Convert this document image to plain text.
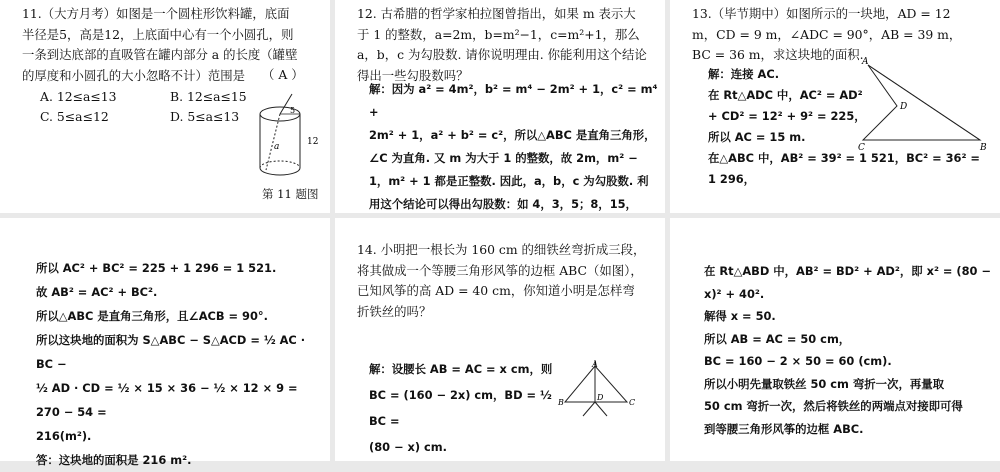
11.（大方月考）如图是一个圆柱形饮料罐，底面半径是5，高是12，上底面中心有一个小圆孔，则一条到达底部的直吸管在罐内部分 a 的长度（罐壁的厚度和小圆孔的大小忽略不计）范围是	（ A ）
A. 12≤a≤13	B. 12≤a≤15
C. 5≤a≤12	D. 5≤a≤13	5
12
a
第 11 题图
12. 古希腊的哲学家柏拉图曾指出，如果 m 表示大于 1 的整数，a=2m，b=m²−1，c=m²+1，那么 a，b，c 为勾股数. 请你说明理由. 你能利用这个结论得出一些勾股数吗？
解：因为 a² = 4m²，b² = m⁴ − 2m² + 1，c² = m⁴ +
2m² + 1，a² + b² = c²，所以△ABC 是直角三角形，
∠C 为直角. 又 m 为大于 1 的整数，故 2m，m² −
1，m² + 1 都是正整数. 因此，a，b，c 为勾股数. 利
用这个结论可以得出勾股数：如 4，3，5；8，15，
13.（毕节期中）如图所示的一块地，AD = 12 m，CD = 9 m，∠ADC = 90°，AB = 39 m，BC = 36 m，求这块地的面积.
解：连接 AC.
在 Rt△ADC 中，AC² = AD²
+ CD² = 12² + 9² = 225，
所以 AC = 15 m.
在△ABC 中，AB² = 39² = 1 521，BC² = 36² =
1 296，
A
D
C	B
所以 AC² + BC² = 225 + 1 296 = 1 521.
故 AB² = AC² + BC².
所以△ABC 是直角三角形，且∠ACB = 90°.
所以这块地的面积为 S△ABC − S△ACD = ½ AC · BC −
½ AD · CD = ½ × 15 × 36 − ½ × 12 × 9 = 270 − 54 =
216(m²).
答：这块地的面积是 216 m².
14. 小明把一根长为 160 cm 的细铁丝弯折成三段，将其做成一个等腰三角形风筝的边框 ABC（如图），已知风筝的高 AD = 40 cm，你知道小明是怎样弯折铁丝的吗？
解：设腰长 AB = AC = x cm，则
BC = (160 − 2x) cm，BD = ½ BC =
(80 − x) cm.
A
B
D
C
在 Rt△ABD 中，AB² = BD² + AD²，即 x² = (80 −
x)² + 40².
解得 x = 50.
所以 AB = AC = 50 cm，
BC = 160 − 2 × 50 = 60 (cm).
所以小明先量取铁丝 50 cm 弯折一次，再量取
50 cm 弯折一次，然后将铁丝的两端点对接即可得
到等腰三角形风筝的边框 ABC.
